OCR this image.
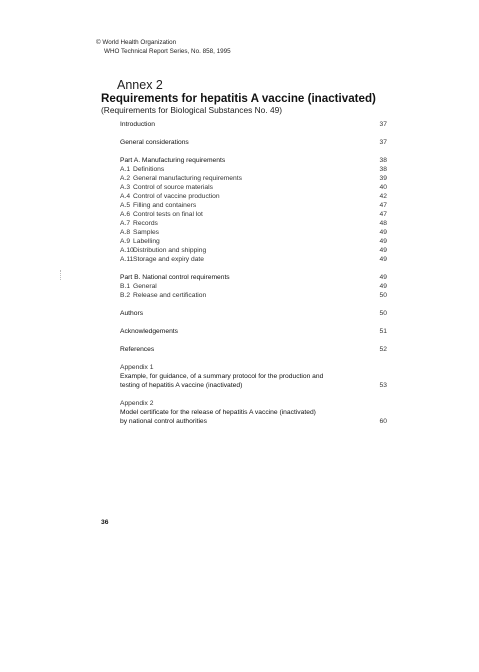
© World Health Organization
WHO Technical Report Series, No. 858, 1995
Annex 2
Requirements for hepatitis A vaccine (inactivated)
(Requirements for Biological Substances No. 49)
Introduction	37
General considerations	37
Part A. Manufacturing requirements	38
A.1 Definitions	38
A.2 General manufacturing requirements	39
A.3 Control of source materials	40
A.4 Control of vaccine production	42
A.5 Filling and containers	47
A.6 Control tests on final lot	47
A.7 Records	48
A.8 Samples	49
A.9 Labelling	49
A.10Distribution and shipping	49
A.11Storage and expiry date	49
Part B. National control requirements	49
B.1 General	49
B.2 Release and certification	50
Authors	50
Acknowledgements	51
References	52
Appendix 1
Example, for guidance, of a summary protocol for the production and
testing of hepatitis A vaccine (inactivated)	53
Appendix 2
Model certificate for the release of hepatitis A vaccine (inactivated)
by national control authorities	60
36
